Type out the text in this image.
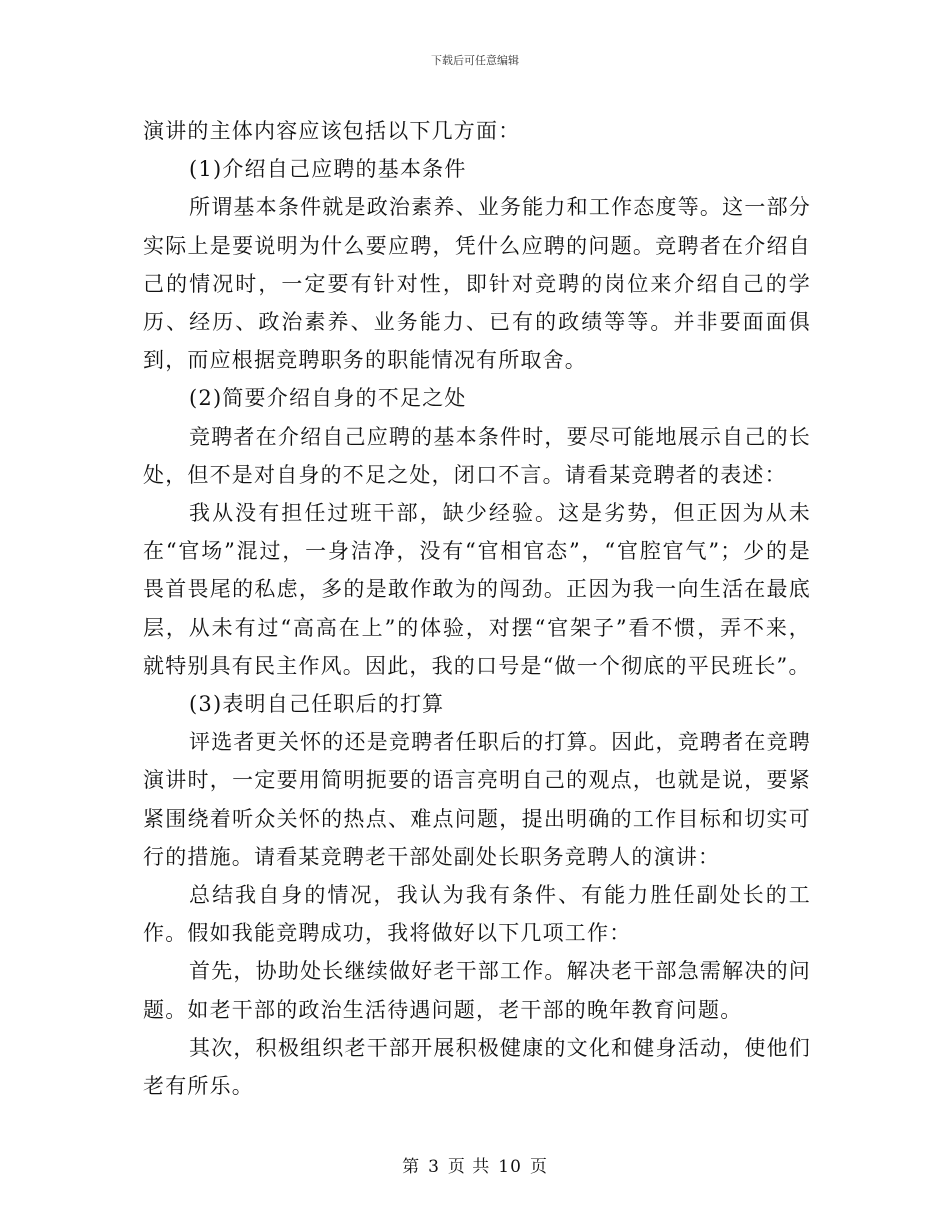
下载后可任意编辑

演讲的主体内容应该包括以下几方面：

(1)介绍自己应聘的基本条件

所谓基本条件就是政治素养、业务能力和工作态度等。这一部分实际上是要说明为什么要应聘，凭什么应聘的问题。竞聘者在介绍自己的情况时，一定要有针对性，即针对竞聘的岗位来介绍自己的学历、经历、政治素养、业务能力、已有的政绩等等。并非要面面俱到，而应根据竞聘职务的职能情况有所取舍。

(2)简要介绍自身的不足之处

竞聘者在介绍自己应聘的基本条件时，要尽可能地展示自己的长处，但不是对自身的不足之处，闭口不言。请看某竞聘者的表述：

我从没有担任过班干部，缺少经验。这是劣势，但正因为从未在“官场”混过，一身洁净，没有“官相官态”，“官腔官气”；少的是畏首畏尾的私虑，多的是敢作敢为的闯劲。正因为我一向生活在最底层，从未有过“高高在上”的体验，对摆“官架子”看不惯，弄不来，就特别具有民主作风。因此，我的口号是“做一个彻底的平民班长”。

(3)表明自己任职后的打算

评选者更关怀的还是竞聘者任职后的打算。因此，竞聘者在竞聘演讲时，一定要用简明扼要的语言亮明自己的观点，也就是说，要紧紧围绕着听众关怀的热点、难点问题，提出明确的工作目标和切实可行的措施。请看某竞聘老干部处副处长职务竞聘人的演讲：

总结我自身的情况，我认为我有条件、有能力胜任副处长的工作。假如我能竞聘成功，我将做好以下几项工作：

首先，协助处长继续做好老干部工作。解决老干部急需解决的问题。如老干部的政治生活待遇问题，老干部的晚年教育问题。

其次，积极组织老干部开展积极健康的文化和健身活动，使他们老有所乐。

第 3 页 共 10 页
